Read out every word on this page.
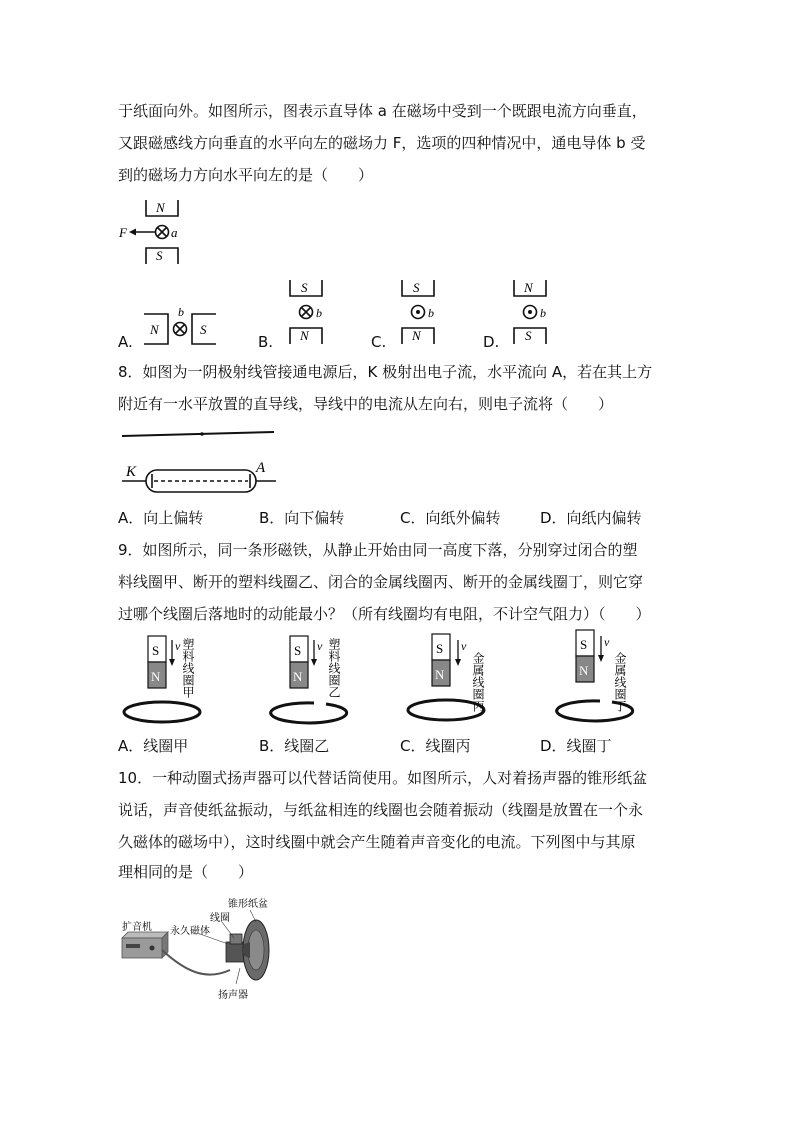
于纸面向外。如图所示，图表示直导体 a 在磁场中受到一个既跟电流方向垂直，
又跟磁感线方向垂直的水平向左的磁场力 F，选项的四种情况中，通电导体 b 受
到的磁场力方向水平向左的是（　　）
N
S
F	a
A.
N	S
b
B.
S
N
b
C.
S
N
b
D.
N
S
b
8．如图为一阴极射线管接通电源后，K 极射出电子流，水平流向 A，若在其上方
附近有一水平放置的直导线，导线中的电流从左向右，则电子流将（　　）
K	A
A．向上偏转	B．向下偏转	C．向纸外偏转	D．向纸内偏转
9．如图所示，同一条形磁铁，从静止开始由同一高度下落，分别穿过闭合的塑
料线圈甲、断开的塑料线圈乙、闭合的金属线圈丙、断开的金属线圈丁，则它穿
过哪个线圈后落地时的动能最小？（所有线圈均有电阻，不计空气阻力）（　　）
S
N
v 塑料线圈甲	S
N
v 塑料线圈乙	S
N
v
金属线圈丙
S
N
v
金属线圈丁
A．线圈甲	B．线圈乙	C．线圈丙	D．线圈丁
10．一种动圈式扬声器可以代替话筒使用。如图所示，人对着扬声器的锥形纸盆
说话，声音使纸盆振动，与纸盆相连的线圈也会随着振动（线圈是放置在一个永
久磁体的磁场中），这时线圈中就会产生随着声音变化的电流。下列图中与其原
理相同的是（　　）
扩音机 永久磁体
线圈
锥形纸盆
扬声器
